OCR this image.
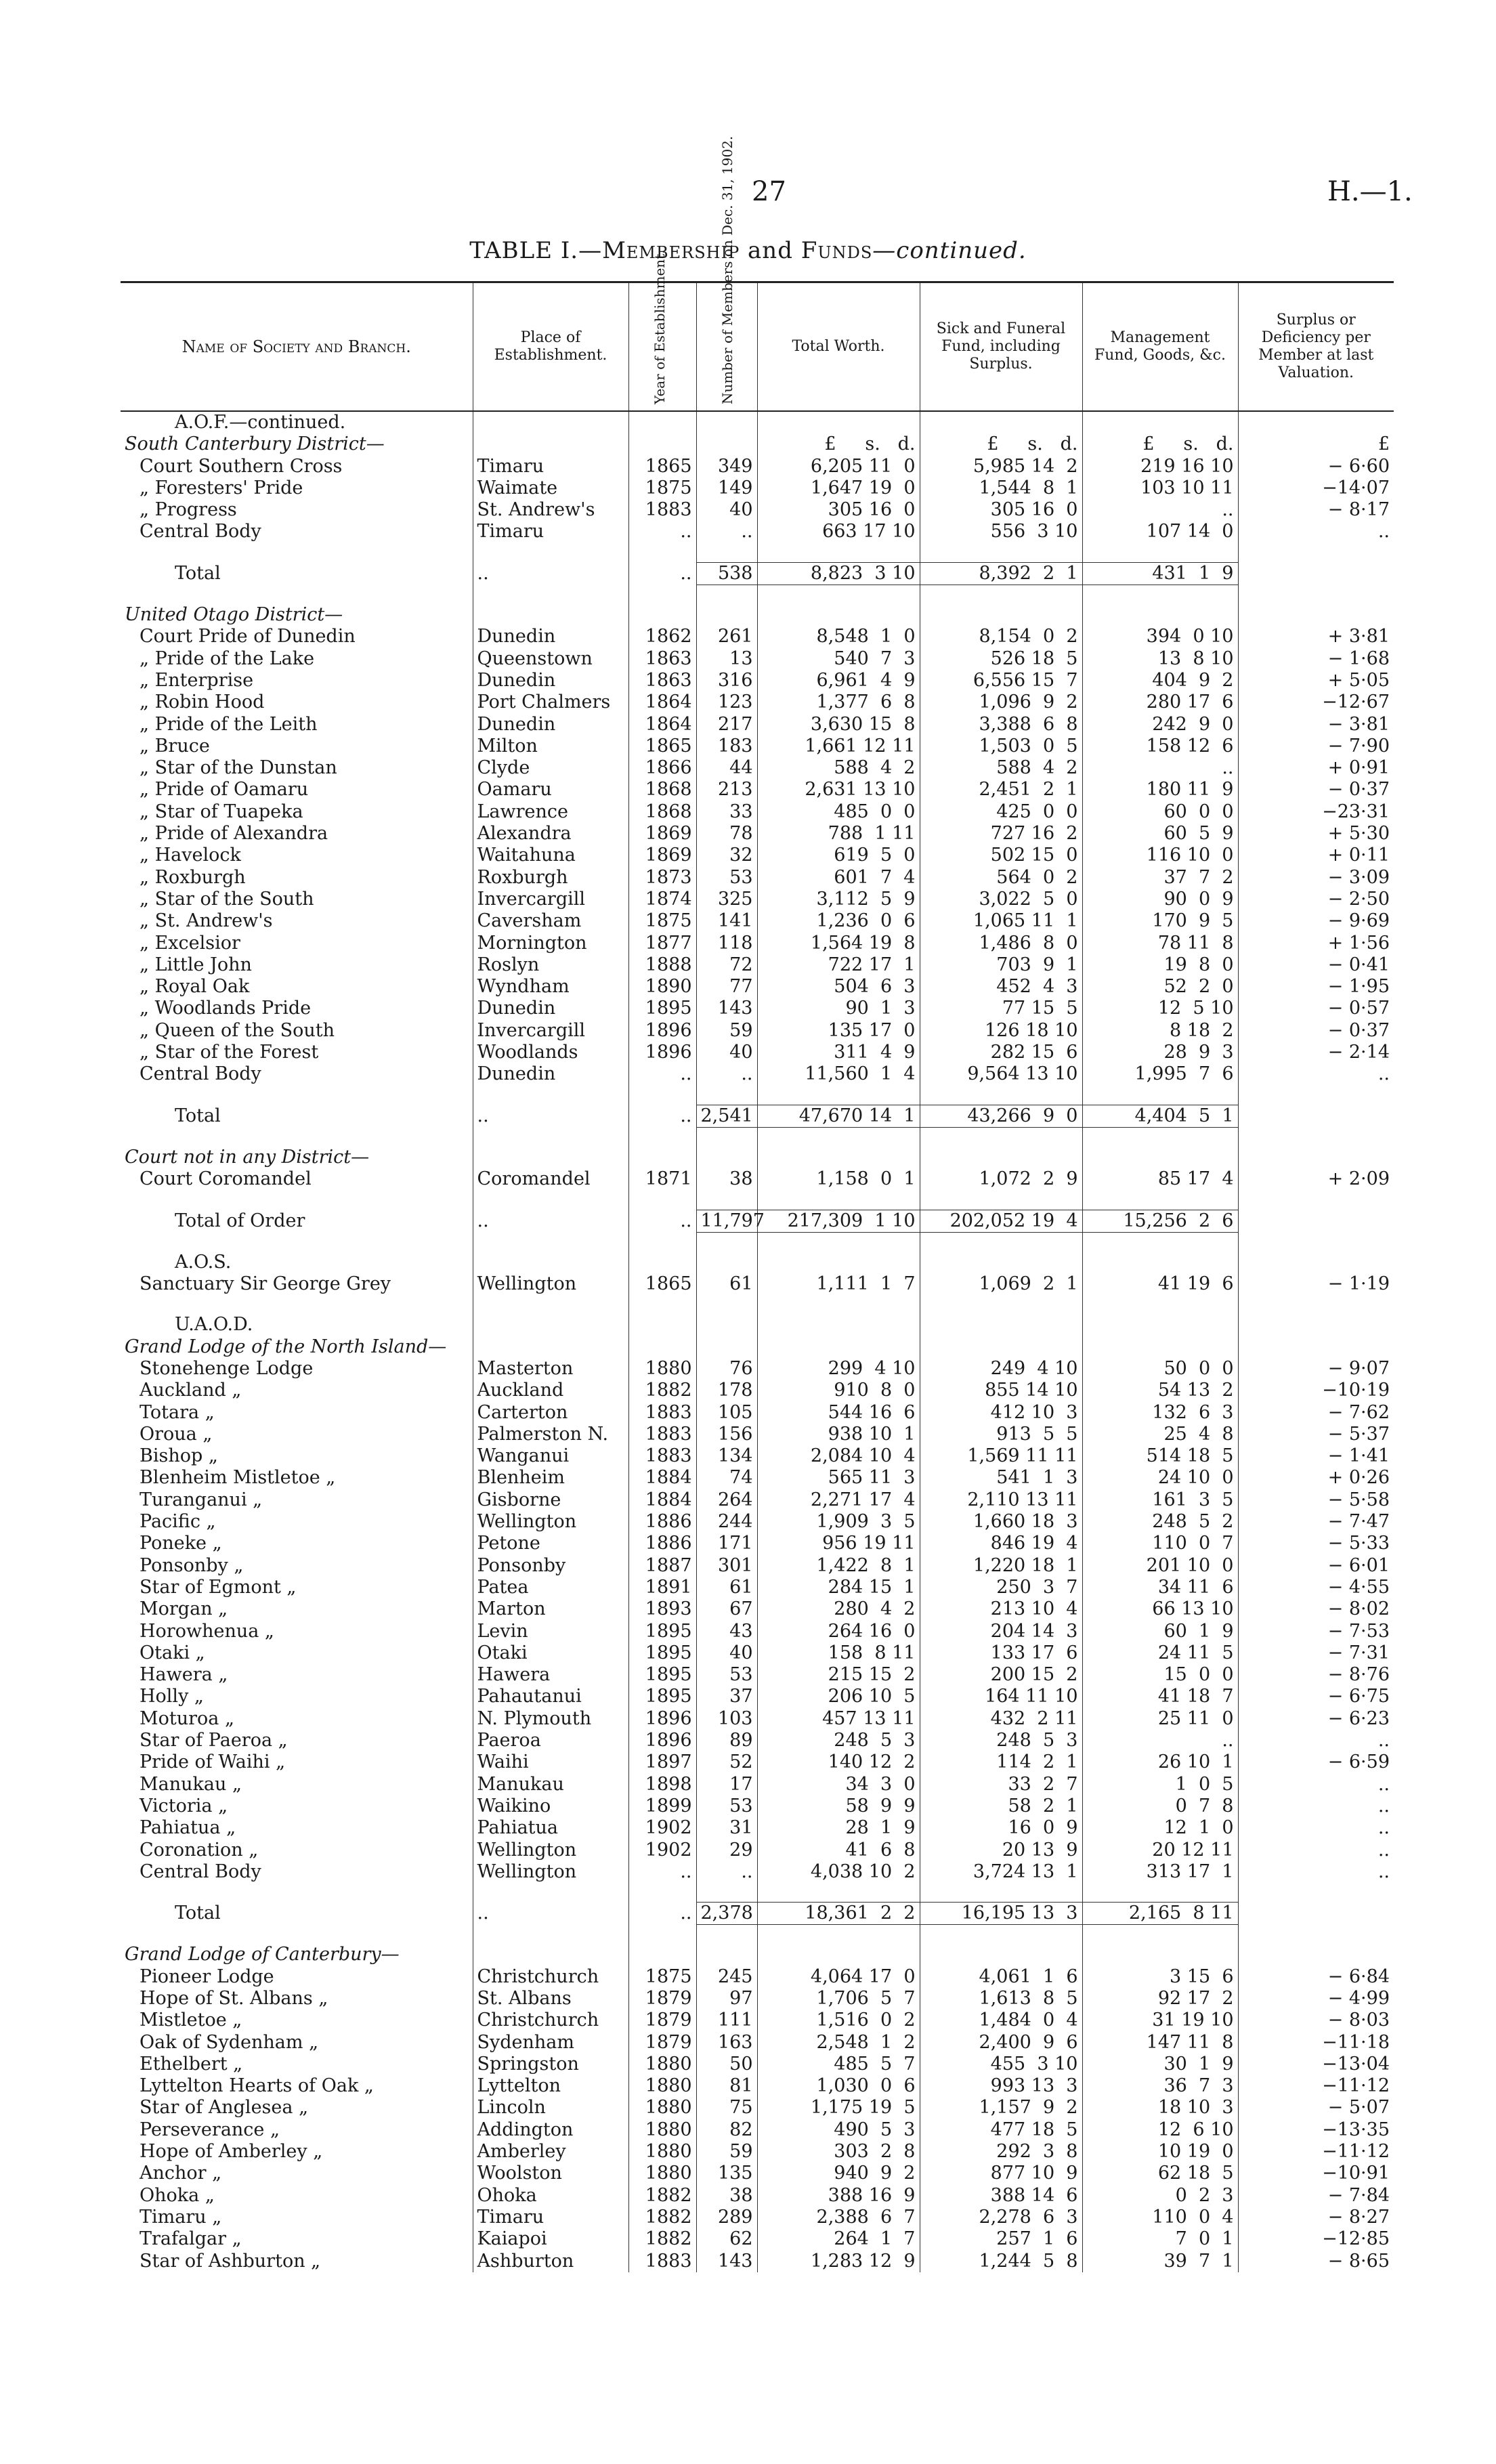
27	H.—1.
TABLE I.—Membership and Funds—continued.
Name of Society and Branch.	Place of Establishment.	Year of Establishment.	Number of Members on Dec. 31, 1902.	Total Worth.	Sick and Funeral Fund, including Surplus.	Management Fund, Goods, &c.	Surplus or Deficiency per Member at last Valuation.
A.O.F.—continued.							
South Canterbury District—				£     s.   d.	£     s.   d.	£     s.   d.	£
Court Southern Cross	Timaru	1865	349	6,205 11  0	5,985 14  2	219 16 10	− 6·60
„ Foresters' Pride	Waimate	1875	149	1,647 19  0	1,544  8  1	103 10 11	−14·07
„ Progress	St. Andrew's	1883	40	305 16  0	305 16  0	..	− 8·17
Central Body	Timaru	..	..	663 17 10	556  3 10	107 14  0	..

Total	..	..	538	8,823  3 10	8,392  2  1	431  1  9	

United Otago District—							
Court Pride of Dunedin	Dunedin	1862	261	8,548  1  0	8,154  0  2	394  0 10	+ 3·81
„ Pride of the Lake	Queenstown	1863	13	540  7  3	526 18  5	13  8 10	− 1·68
„ Enterprise	Dunedin	1863	316	6,961  4  9	6,556 15  7	404  9  2	+ 5·05
„ Robin Hood	Port Chalmers	1864	123	1,377  6  8	1,096  9  2	280 17  6	−12·67
„ Pride of the Leith	Dunedin	1864	217	3,630 15  8	3,388  6  8	242  9  0	− 3·81
„ Bruce	Milton	1865	183	1,661 12 11	1,503  0  5	158 12  6	− 7·90
„ Star of the Dunstan	Clyde	1866	44	588  4  2	588  4  2	..	+ 0·91
„ Pride of Oamaru	Oamaru	1868	213	2,631 13 10	2,451  2  1	180 11  9	− 0·37
„ Star of Tuapeka	Lawrence	1868	33	485  0  0	425  0  0	60  0  0	−23·31
„ Pride of Alexandra	Alexandra	1869	78	788  1 11	727 16  2	60  5  9	+ 5·30
„ Havelock	Waitahuna	1869	32	619  5  0	502 15  0	116 10  0	+ 0·11
„ Roxburgh	Roxburgh	1873	53	601  7  4	564  0  2	37  7  2	− 3·09
„ Star of the South	Invercargill	1874	325	3,112  5  9	3,022  5  0	90  0  9	− 2·50
„ St. Andrew's	Caversham	1875	141	1,236  0  6	1,065 11  1	170  9  5	− 9·69
„ Excelsior	Mornington	1877	118	1,564 19  8	1,486  8  0	78 11  8	+ 1·56
„ Little John	Roslyn	1888	72	722 17  1	703  9  1	19  8  0	− 0·41
„ Royal Oak	Wyndham	1890	77	504  6  3	452  4  3	52  2  0	− 1·95
„ Woodlands Pride	Dunedin	1895	143	90  1  3	77 15  5	12  5 10	− 0·57
„ Queen of the South	Invercargill	1896	59	135 17  0	126 18 10	8 18  2	− 0·37
„ Star of the Forest	Woodlands	1896	40	311  4  9	282 15  6	28  9  3	− 2·14
Central Body	Dunedin	..	..	11,560  1  4	9,564 13 10	1,995  7  6	..

Total	..	..	2,541	47,670 14  1	43,266  9  0	4,404  5  1	

Court not in any District—							
Court Coromandel	Coromandel	1871	38	1,158  0  1	1,072  2  9	85 17  4	+ 2·09

Total of Order	..	..	11,797	217,309  1 10	202,052 19  4	15,256  2  6	

A.O.S.							
Sanctuary Sir George Grey	Wellington	1865	61	1,111  1  7	1,069  2  1	41 19  6	− 1·19

U.A.O.D.							
Grand Lodge of the North Island—							
Stonehenge Lodge	Masterton	1880	76	299  4 10	249  4 10	50  0  0	− 9·07
Auckland „	Auckland	1882	178	910  8  0	855 14 10	54 13  2	−10·19
Totara „	Carterton	1883	105	544 16  6	412 10  3	132  6  3	− 7·62
Oroua „	Palmerston N.	1883	156	938 10  1	913  5  5	25  4  8	− 5·37
Bishop „	Wanganui	1883	134	2,084 10  4	1,569 11 11	514 18  5	− 1·41
Blenheim Mistletoe „	Blenheim	1884	74	565 11  3	541  1  3	24 10  0	+ 0·26
Turanganui „	Gisborne	1884	264	2,271 17  4	2,110 13 11	161  3  5	− 5·58
Pacific „	Wellington	1886	244	1,909  3  5	1,660 18  3	248  5  2	− 7·47
Poneke „	Petone	1886	171	956 19 11	846 19  4	110  0  7	− 5·33
Ponsonby „	Ponsonby	1887	301	1,422  8  1	1,220 18  1	201 10  0	− 6·01
Star of Egmont „	Patea	1891	61	284 15  1	250  3  7	34 11  6	− 4·55
Morgan „	Marton	1893	67	280  4  2	213 10  4	66 13 10	− 8·02
Horowhenua „	Levin	1895	43	264 16  0	204 14  3	60  1  9	− 7·53
Otaki „	Otaki	1895	40	158  8 11	133 17  6	24 11  5	− 7·31
Hawera „	Hawera	1895	53	215 15  2	200 15  2	15  0  0	− 8·76
Holly „	Pahautanui	1895	37	206 10  5	164 11 10	41 18  7	− 6·75
Moturoa „	N. Plymouth	1896	103	457 13 11	432  2 11	25 11  0	− 6·23
Star of Paeroa „	Paeroa	1896	89	248  5  3	248  5  3	..	..
Pride of Waihi „	Waihi	1897	52	140 12  2	114  2  1	26 10  1	− 6·59
Manukau „	Manukau	1898	17	34  3  0	33  2  7	1  0  5	..
Victoria „	Waikino	1899	53	58  9  9	58  2  1	0  7  8	..
Pahiatua „	Pahiatua	1902	31	28  1  9	16  0  9	12  1  0	..
Coronation „	Wellington	1902	29	41  6  8	20 13  9	20 12 11	..
Central Body	Wellington	..	..	4,038 10  2	3,724 13  1	313 17  1	..

Total	..	..	2,378	18,361  2  2	16,195 13  3	2,165  8 11	

Grand Lodge of Canterbury—							
Pioneer Lodge	Christchurch	1875	245	4,064 17  0	4,061  1  6	3 15  6	− 6·84
Hope of St. Albans „	St. Albans	1879	97	1,706  5  7	1,613  8  5	92 17  2	− 4·99
Mistletoe „	Christchurch	1879	111	1,516  0  2	1,484  0  4	31 19 10	− 8·03
Oak of Sydenham „	Sydenham	1879	163	2,548  1  2	2,400  9  6	147 11  8	−11·18
Ethelbert „	Springston	1880	50	485  5  7	455  3 10	30  1  9	−13·04
Lyttelton Hearts of Oak „	Lyttelton	1880	81	1,030  0  6	993 13  3	36  7  3	−11·12
Star of Anglesea „	Lincoln	1880	75	1,175 19  5	1,157  9  2	18 10  3	− 5·07
Perseverance „	Addington	1880	82	490  5  3	477 18  5	12  6 10	−13·35
Hope of Amberley „	Amberley	1880	59	303  2  8	292  3  8	10 19  0	−11·12
Anchor „	Woolston	1880	135	940  9  2	877 10  9	62 18  5	−10·91
Ohoka „	Ohoka	1882	38	388 16  9	388 14  6	0  2  3	− 7·84
Timaru „	Timaru	1882	289	2,388  6  7	2,278  6  3	110  0  4	− 8·27
Trafalgar „	Kaiapoi	1882	62	264  1  7	257  1  6	7  0  1	−12·85
Star of Ashburton „	Ashburton	1883	143	1,283 12  9	1,244  5  8	39  7  1	− 8·65
